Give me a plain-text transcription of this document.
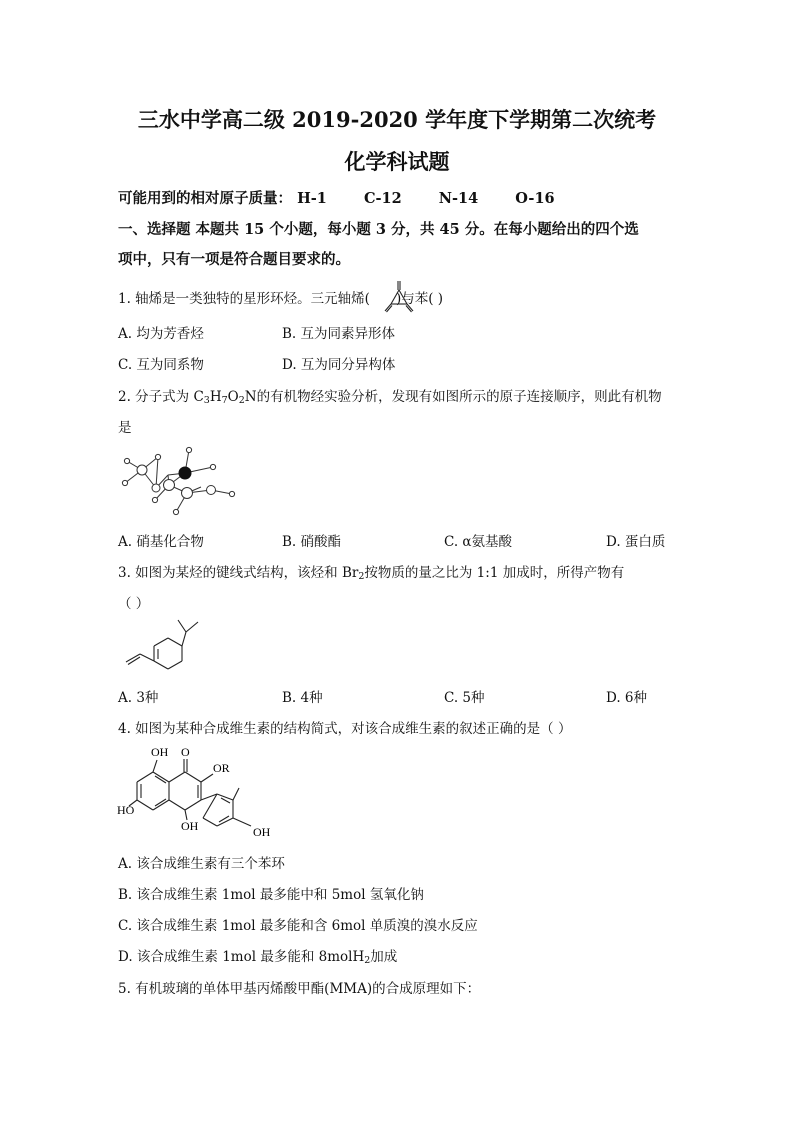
三水中学高二级 2019-2020 学年度下学期第二次统考
化学科试题
可能用到的相对原子质量： H-1	C-12	N-14	O-16
一、选择题 本题共 15 个小题，每小题 3 分，共 45 分。在每小题给出的四个选
项中，只有一项是符合题目要求的。
1. 轴烯是一类独特的星形环烃。三元轴烯( )与苯( )
A. 均为芳香烃	B. 互为同素异形体
C. 互为同系物	D. 互为同分异构体
2. 分子式为 $C_3H_7O_2N$的有机物经实验分析，发现有如图所示的原子连接顺序，则此有机物
是
A. 硝基化合物	B. 硝酸酯	C. α氨基酸	D. 蛋白质
3. 如图为某烃的键线式结构，该烃和 $Br_2$按物质的量之比为 1:1 加成时，所得产物有
（ ）
A. 3种	B. 4种	C. 5种	D. 6种
4. 如图为某种合成维生素的结构简式，对该合成维生素的叙述正确的是（ ）
OH O
OR
HO
OH	OH
A. 该合成维生素有三个苯环
B. 该合成维生素 1mol 最多能中和 5mol 氢氧化钠
C. 该合成维生素 1mol 最多能和含 6mol 单质溴的溴水反应
D. 该合成维生素 1mol 最多能和 8molH$_2$加成
5. 有机玻璃的单体甲基丙烯酸甲酯(MMA)的合成原理如下：
